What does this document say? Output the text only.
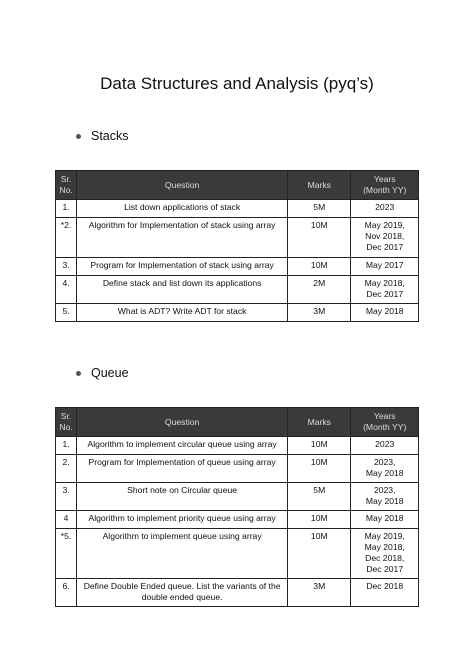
Data Structures and Analysis (pyq’s)
Stacks
Sr.
No.	Question	Marks	Years
(Month YY)
1.	List down applications of stack	5M	2023
*2.	Algorithm for Implementation of stack using array	10M	May 2019,
Nov 2018,
Dec 2017
3.	Program for Implementation of stack using array	10M	May 2017
4.	Define stack and list down its applications	2M	May 2018,
Dec 2017
5.	What is ADT? Write ADT for stack	3M	May 2018
Queue
Sr.
No.	Question	Marks	Years
(Month YY)
1.	Algorithm to implement circular queue using array	10M	2023
2.	Program for Implementation of queue using array	10M	2023,
May 2018
3.	Short note on Circular queue	5M	2023,
May 2018
4	Algorithm to implement priority queue using array	10M	May 2018
*5.	Algorithm to implement queue using array	10M	May 2019,
May 2018,
Dec 2018,
Dec 2017
6.	Define Double Ended queue. List the variants of the double ended queue.	3M	Dec 2018
